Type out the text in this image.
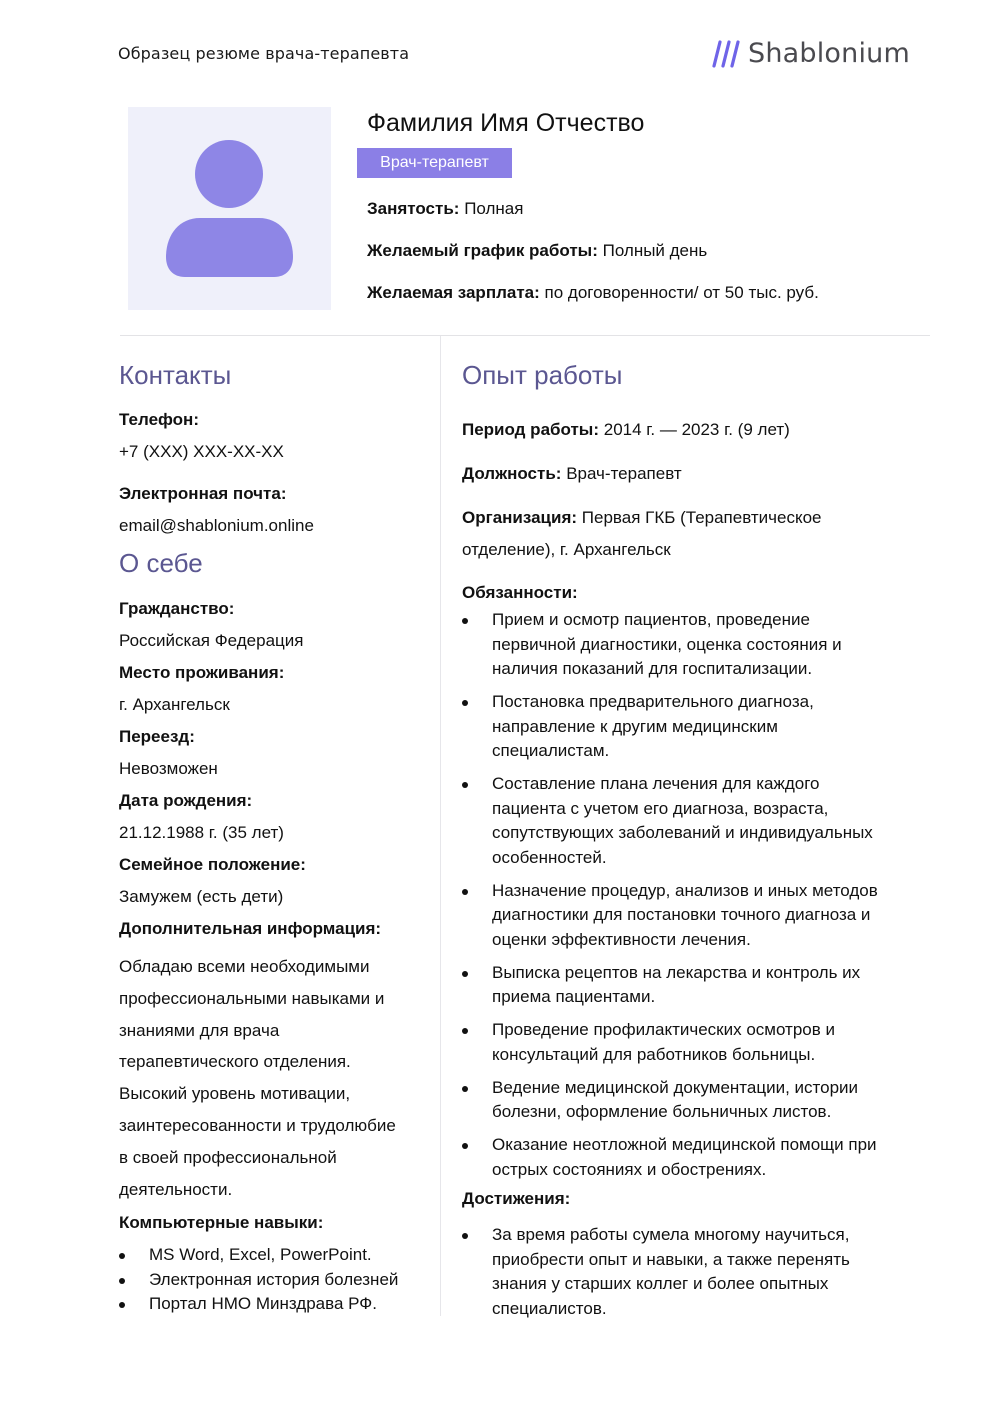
Образец резюме врача-терапевта	Shablonium
Фамилия Имя Отчество
Врач-терапевт
Занятость: Полная
Желаемый график работы: Полный день
Желаемая зарплата: по договоренности/ от 50 тыс. руб.
Контакты
Телефон:
+7 (XXX) XXX-XX-XX
Электронная почта:
email@shablonium.online
О себе
Гражданство:
Российская Федерация
Место проживания:
г. Архангельск
Переезд:
Невозможен
Дата рождения:
21.12.1988 г. (35 лет)
Семейное положение:
Замужем (есть дети)
Дополнительная информация:
Обладаю всеми необходимыми
профессиональными навыками и
знаниями для врача
терапевтического отделения.
Высокий уровень мотивации,
заинтересованности и трудолюбие
в своей профессиональной
деятельности.
Компьютерные навыки:
MS Word, Excel, PowerPoint.
Электронная история болезней
Портал НМО Минздрава РФ.
Опыт работы
Период работы: 2014 г. — 2023 г. (9 лет)
Должность: Врач-терапевт
Организация: Первая ГКБ (Терапевтическое
отделение), г. Архангельск
Обязанности:
Прием и осмотр пациентов, проведение
первичной диагностики, оценка состояния и
наличия показаний для госпитализации.
Постановка предварительного диагноза,
направление к другим медицинским
специалистам.
Составление плана лечения для каждого
пациента с учетом его диагноза, возраста,
сопутствующих заболеваний и индивидуальных
особенностей.
Назначение процедур, анализов и иных методов
диагностики для постановки точного диагноза и
оценки эффективности лечения.
Выписка рецептов на лекарства и контроль их
приема пациентами.
Проведение профилактических осмотров и
консультаций для работников больницы.
Ведение медицинской документации, истории
болезни, оформление больничных листов.
Оказание неотложной медицинской помощи при
острых состояниях и обострениях.
Достижения:
За время работы сумела многому научиться,
приобрести опыт и навыки, а также перенять
знания у старших коллег и более опытных
специалистов.
